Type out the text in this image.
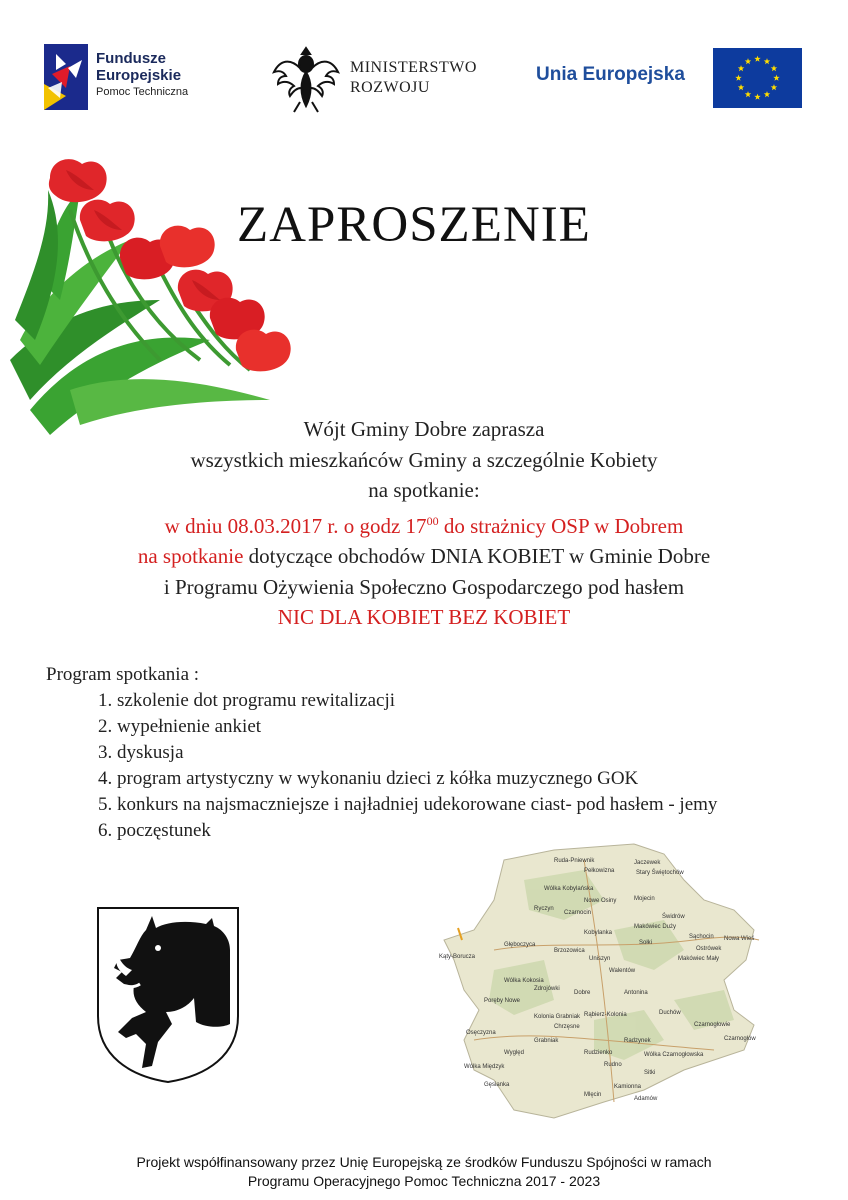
Fundusze
Europejskie
Pomoc Techniczna
MINISTERSTWO
ROZWOJU
Unia Europejska
ZAPROSZENIE
Wójt Gminy Dobre zaprasza
wszystkich mieszkańców Gminy a szczególnie Kobiety
na spotkanie:
w dniu 08.03.2017 r. o godz $17^{00}$ do strażnicy OSP w Dobrem
na spotkanie dotyczące obchodów DNIA KOBIET w Gminie Dobre
i Programu Ożywienia Społeczno Gospodarczego pod hasłem
NIC DLA KOBIET BEZ KOBIET
Program spotkania :
1. szkolenie dot programu rewitalizacji
2. wypełnienie ankiet
3. dyskusja
4. program artystyczny w wykonaniu dzieci z kółka muzycznego GOK
5. konkurs na najsmaczniejsze i najładniej udekorowane ciast- pod hasłem - jemy
6. poczęstunek
Ruda-Pniewnik	Jaczewek
Pełkowizna	Stary Świętochów
Wólka Kobylańska
Mojecin
Ryczyn
Nowe Osiny
Czarnocin
Świdrów
Kobylanka
Makówiec Duży
Sąchocin Nowa Wieś
Głęboczyca
Brzozowica
Sołki
Ostrówek
Kąty-Borucza	Uniszyn	Makówiec Mały
Walentów
Wólka Kokosia
Zdrojówki
Dobre	Antonina
Poręby Nowe
Rąbierz-Kolonia	Duchów
Kolonia Grabniak
Chrzęsne	Czarnogłowie
Osęczyzna
Grabniak	Radzynek	Czarnogłów
Wyględ	Rudzienko
Rudno
Wólka Czarnogłowska
Wólka Międzyk
Sitki
Kamionna
Gęsianka
Mlęcin
Adamów
Projekt współfinansowany przez Unię Europejską ze środków Funduszu Spójności w ramach
Programu Operacyjnego Pomoc Techniczna 2017 - 2023
